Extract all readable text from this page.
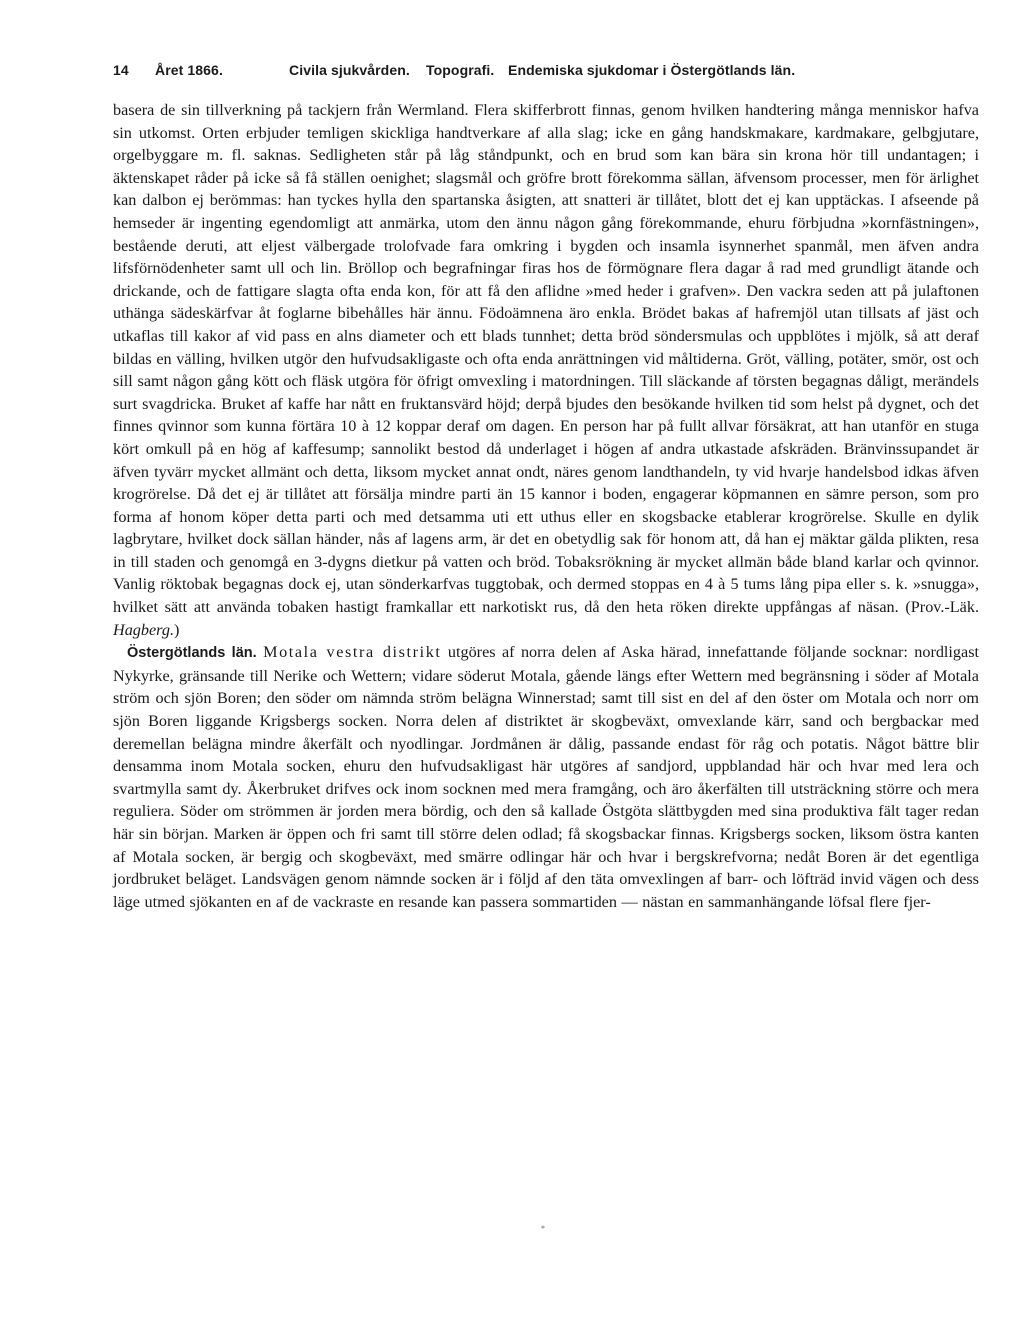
14	Året 1866.	Civila sjukvården.	Topografi. Endemiska sjukdomar i Östergötlands län.

basera de sin tillverkning på tackjern från Wermland. Flera skifferbrott finnas, genom hvilken handtering många menniskor hafva sin utkomst. Orten erbjuder temligen skickliga handtverkare af alla slag; icke en gång handskmakare, kardmakare, gelbgjutare, orgelbyggare m. fl. saknas. Sedligheten står på låg ståndpunkt, och en brud som kan bära sin krona hör till undantagen; i äktenskapet råder på icke så få ställen oenighet; slagsmål och gröfre brott förekomma sällan, äfvensom processer, men för ärlighet kan dalbon ej berömmas: han tyckes hylla den spartanska åsigten, att snatteri är tillåtet, blott det ej kan upptäckas. I afseende på hemseder är ingenting egendomligt att anmärka, utom den ännu någon gång förekommande, ehuru förbjudna »kornfästningen», bestående deruti, att eljest välbergade trolofvade fara omkring i bygden och insamla isynnerhet spanmål, men äfven andra lifsförnödenheter samt ull och lin. Bröllop och begrafningar firas hos de förmögnare flera dagar å rad med grundligt ätande och drickande, och de fattigare slagta ofta enda kon, för att få den aflidne »med heder i grafven». Den vackra seden att på julaftonen uthänga sädeskärfvar åt foglarne bibehålles här ännu. Födoämnena äro enkla. Brödet bakas af hafremjöl utan tillsats af jäst och utkaflas till kakor af vid pass en alns diameter och ett blads tunnhet; detta bröd söndersmulas och uppblötes i mjölk, så att deraf bildas en välling, hvilken utgör den hufvudsakligaste och ofta enda anrättningen vid måltiderna. Gröt, välling, potäter, smör, ost och sill samt någon gång kött och fläsk utgöra för öfrigt omvexling i matordningen. Till släckande af törsten begagnas dåligt, merändels surt svagdricka. Bruket af kaffe har nått en fruktansvärd höjd; derpå bjudes den besökande hvilken tid som helst på dygnet, och det finnes qvinnor som kunna förtära 10 à 12 koppar deraf om dagen. En person har på fullt allvar försäkrat, att han utanför en stuga kört omkull på en hög af kaffesump; sannolikt bestod då underlaget i högen af andra utkastade afskräden. Bränvinssupandet är äfven tyvärr mycket allmänt och detta, liksom mycket annat ondt, näres genom landthandeln, ty vid hvarje handelsbod idkas äfven krogrörelse. Då det ej är tillåtet att försälja mindre parti än 15 kannor i boden, engagerar köpmannen en sämre person, som pro forma af honom köper detta parti och med detsamma uti ett uthus eller en skogsbacke etablerar krogrörelse. Skulle en dylik lagbrytare, hvilket dock sällan händer, nås af lagens arm, är det en obetydlig sak för honom att, då han ej mäktar gälda plikten, resa in till staden och genomgå en 3-dygns dietkur på vatten och bröd. Tobaksrökning är mycket allmän både bland karlar och qvinnor. Vanlig röktobak begagnas dock ej, utan sönderkarfvas tuggtobak, och dermed stoppas en 4 à 5 tums lång pipa eller s. k. »snugga», hvilket sätt att använda tobaken hastigt framkallar ett narkotiskt rus, då den heta röken direkte uppfångas af näsan. (Prov.-Läk. Hagberg.)

Östergötlands län. Motala vestra distrikt utgöres af norra delen af Aska härad, innefattande följande socknar: nordligast Nykyrke, gränsande till Nerike och Wettern; vidare söderut Motala, gående längs efter Wettern med begränsning i söder af Motala ström och sjön Boren; den söder om nämnda ström belägna Winnerstad; samt till sist en del af den öster om Motala och norr om sjön Boren liggande Krigsbergs socken. Norra delen af distriktet är skogbeväxt, omvexlande kärr, sand och bergbackar med deremellan belägna mindre åkerfält och nyodlingar. Jordmånen är dålig, passande endast för råg och potatis. Något bättre blir densamma inom Motala socken, ehuru den hufvudsakligast här utgöres af sandjord, uppblandad här och hvar med lera och svartmylla samt dy. Åkerbruket drifves ock inom socknen med mera framgång, och äro åkerfälten till utsträckning större och mera reguliera. Söder om strömmen är jorden mera bördig, och den så kallade Östgöta slättbygden med sina produktiva fält tager redan här sin början. Marken är öppen och fri samt till större delen odlad; få skogsbackar finnas. Krigsbergs socken, liksom östra kanten af Motala socken, är bergig och skogbeväxt, med smärre odlingar här och hvar i bergskrefvorna; nedåt Boren är det egentliga jordbruket beläget. Landsvägen genom nämnde socken är i följd af den täta omvexlingen af barr- och löfträd invid vägen och dess läge utmed sjökanten en af de vackraste en resande kan passera sommartiden — nästan en sammanhängande löfsal flere fjer-

*
